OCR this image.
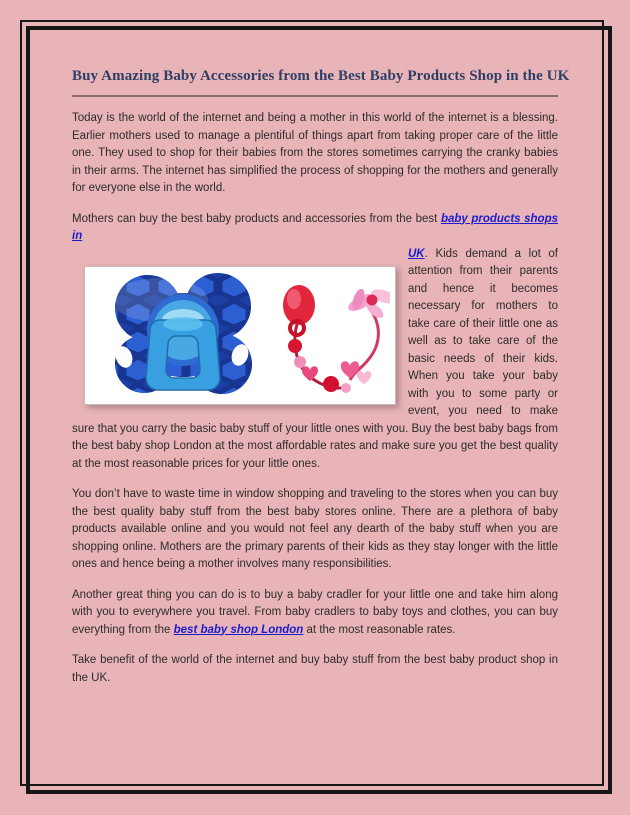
Buy Amazing Baby Accessories from the Best Baby Products Shop in the UK

Today is the world of the internet and being a mother in this world of the internet is a blessing. Earlier mothers used to manage a plentiful of things apart from taking proper care of the little one. They used to shop for their babies from the stores sometimes carrying the cranky babies in their arms. The internet has simplified the process of shopping for the mothers and generally for everyone else in the world.

Mothers can buy the best baby products and accessories from the best baby products shops in

UK. Kids demand a lot of attention from their parents and hence it becomes necessary for mothers to take care of their little one as well as to take care of the basic needs of their kids. When you take your baby with you to some party or event, you need to make sure that you carry the basic baby stuff of your little ones with you. Buy the best baby bags from the best baby shop London at the most affordable rates and make sure you get the best quality at the most reasonable prices for your little ones.

You don’t have to waste time in window shopping and traveling to the stores when you can buy the best quality baby stuff from the best baby stores online. There are a plethora of baby products available online and you would not feel any dearth of the baby stuff when you are shopping online. Mothers are the primary parents of their kids as they stay longer with the little ones and hence being a mother involves many responsibilities.

Another great thing you can do is to buy a baby cradler for your little one and take him along with you to everywhere you travel. From baby cradlers to baby toys and clothes, you can buy everything from the best baby shop London at the most reasonable rates.

Take benefit of the world of the internet and buy baby stuff from the best baby product shop in the UK.
